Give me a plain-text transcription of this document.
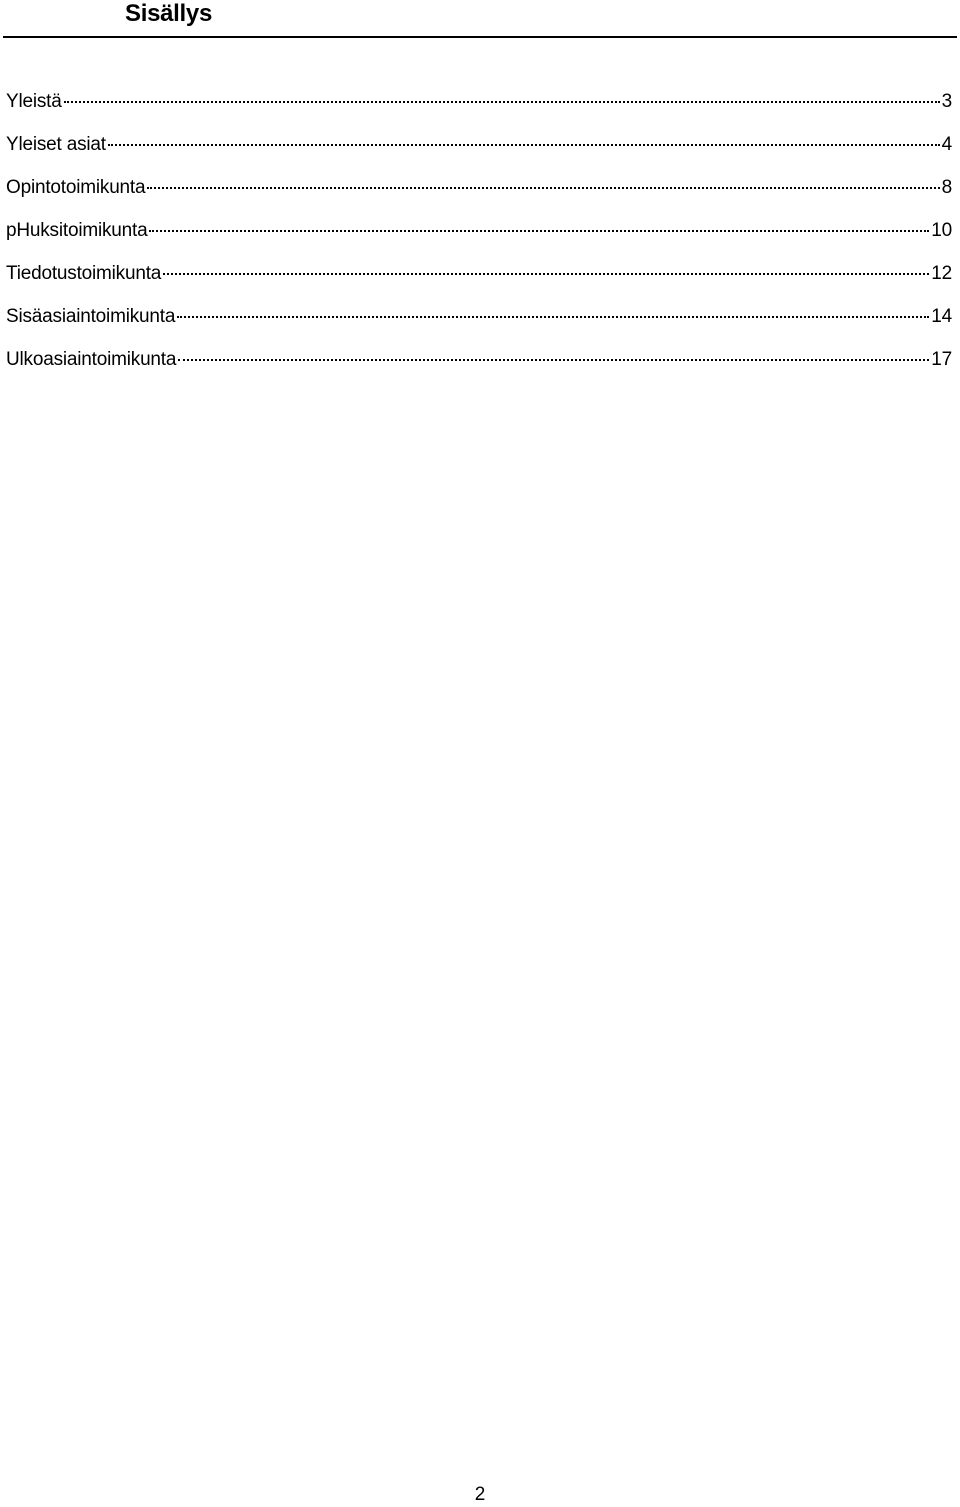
Sisällys
Yleistä	3
Yleiset asiat	4
Opintotoimikunta	8
pHuksitoimikunta	10
Tiedotustoimikunta	12
Sisäasiaintoimikunta	14
Ulkoasiaintoimikunta	17
2
